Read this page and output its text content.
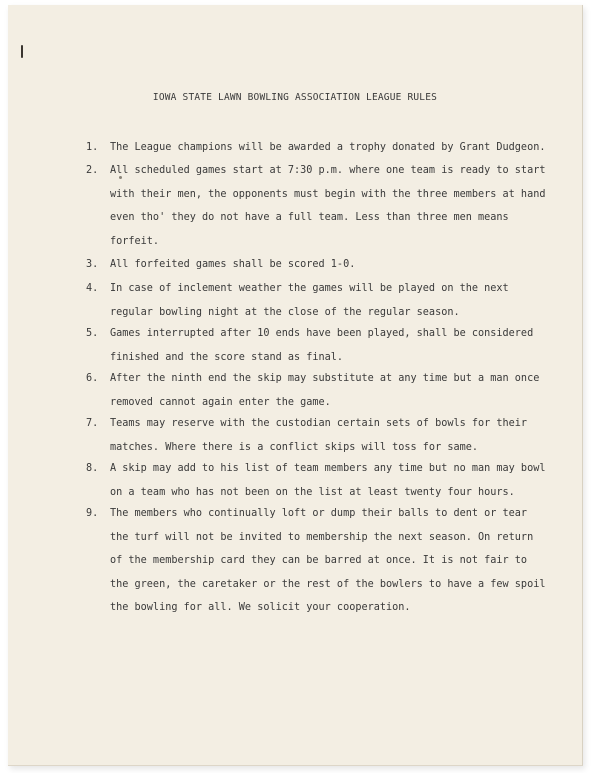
IOWA STATE LAWN BOWLING ASSOCIATION LEAGUE RULES
1. The League champions will be awarded a trophy donated by Grant Dudgeon.
2. All scheduled games start at 7:30 p.m. where one team is ready to start
with their men, the opponents must begin with the three members at hand
even tho' they do not have a full team. Less than three men means
forfeit.
3. All forfeited games shall be scored 1-0.
4. In case of inclement weather the games will be played on the next
regular bowling night at the close of the regular season.
5. Games interrupted after 10 ends have been played, shall be considered
finished and the score stand as final.
6. After the ninth end the skip may substitute at any time but a man once
removed cannot again enter the game.
7. Teams may reserve with the custodian certain sets of bowls for their
matches. Where there is a conflict skips will toss for same.
8. A skip may add to his list of team members any time but no man may bowl
on a team who has not been on the list at least twenty four hours.
9. The members who continually loft or dump their balls to dent or tear
the turf will not be invited to membership the next season. On return
of the membership card they can be barred at once. It is not fair to
the green, the caretaker or the rest of the bowlers to have a few spoil
the bowling for all. We solicit your cooperation.
